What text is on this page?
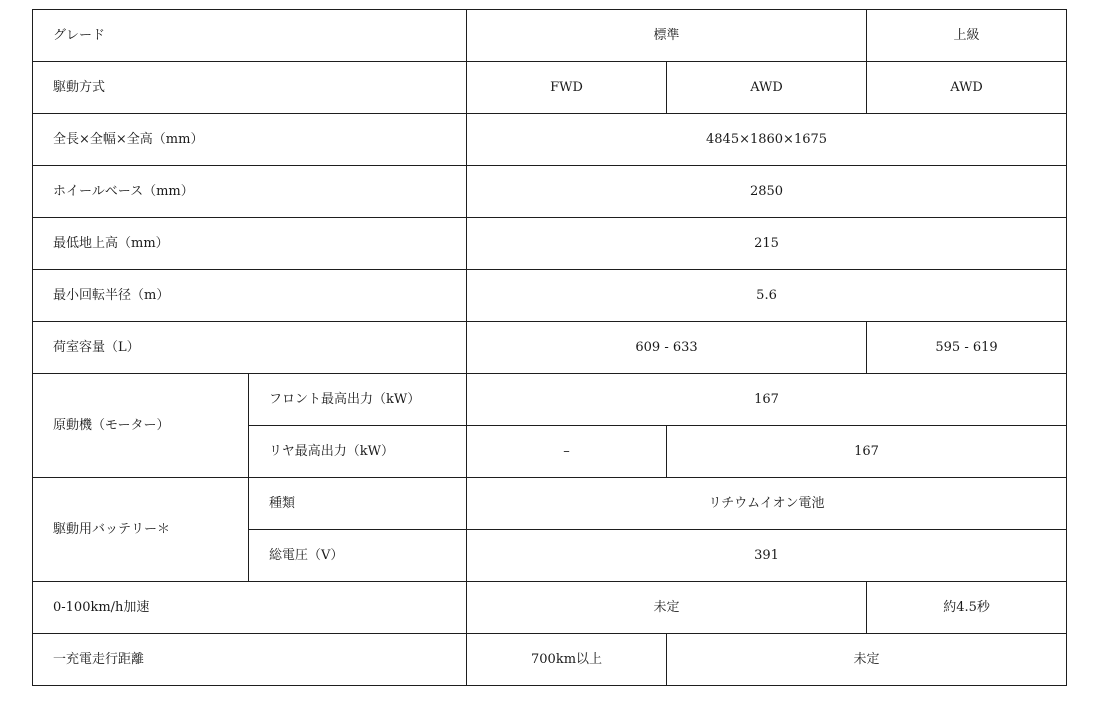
グレード		標準		上級
駆動方式		FWD	AWD	AWD
全長×全幅×全高（mm）		4845×1860×1675		
ホイールベース（mm）		2850		
最低地上高（mm）		215		
最小回転半径（m）		5.6		
荷室容量（L）		609 - 633		595 - 619
原動機（モーター）	フロント最高出力（kW）	167		
	リヤ最高出力（kW）	–	167	
駆動用バッテリー＊	種類	リチウムイオン電池		
	総電圧（V）	391		
0-100km/h加速		未定		約4.5秒
一充電走行距離		700km以上	未定	
